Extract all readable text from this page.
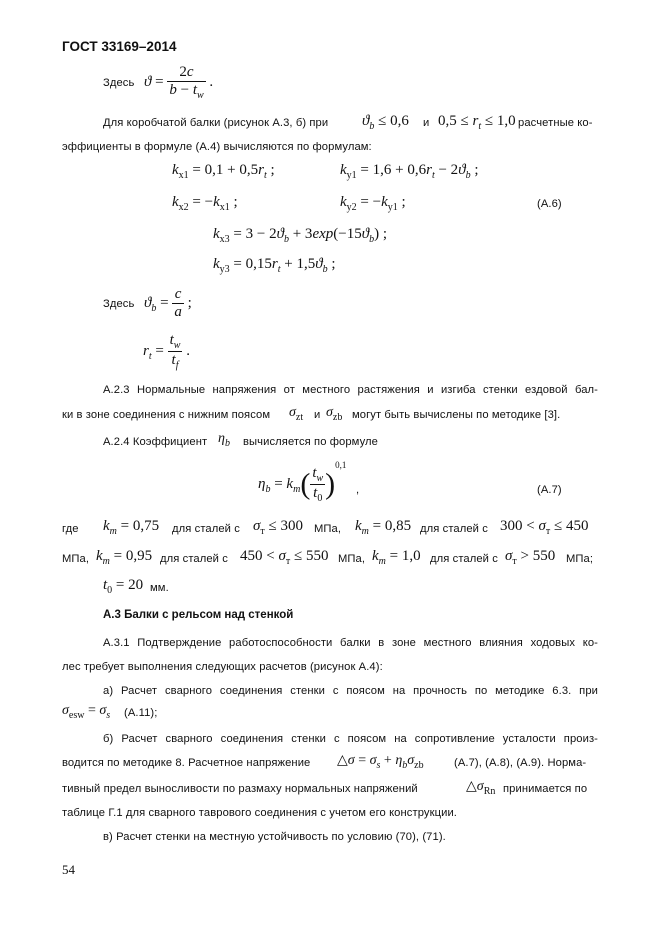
ГОСТ 33169–2014
Здесь $ϑ = \frac{2c}{b - t_w}$ .
Для коробчатой балки (рисунок А.3, б) при $ϑ_b \le 0,6$ и $0,5 \le r_t \le 1,0$ расчетные ко-
эффициенты в формуле (А.4) вычисляются по формулам:
$k_{x1} = 0,1 + 0,5r_t$ ;	$k_{y1} = 1,6 + 0,6r_t - 2ϑ_b$ ;
$k_{x2} = -k_{x1}$ ;	$k_{y2} = -k_{y1}$ ;	(А.6)
$k_{x3} = 3 - 2ϑ_b + 3\exp(-15ϑ_b)$ ;
$k_{y3} = 0,15r_t + 1,5ϑ_b$ ;
Здесь $ϑ_b = \frac{c}{a}$ ;
$r_t = \frac{t_w}{t_f}$ .
А.2.3 Нормальные напряжения от местного растяжения и изгиба стенки ездовой бал-
ки в зоне соединения с нижним поясом $\sigma_{zt}$ и $\sigma_{zb}$ могут быть вычислены по методике [3].
А.2.4 Коэффициент $\eta_b$ вычисляется по формуле
$\eta_b = k_m( \frac{t_w}{t_0} )^{0,1}$
,	(А.7)
где $k_m = 0,75$ для сталей с $\sigma_т \le 300$ МПа, $k_m = 0,85$ для сталей с $300 < \sigma_т \le 450$
МПа, $k_m = 0,95$ для сталей с $450 < \sigma_т \le 550$ МПа, $k_m = 1,0$ для сталей с $\sigma_т > 550$ МПа;
$t_0 = 20$ мм.
А.3 Балки с рельсом над стенкой
А.3.1 Подтверждение работоспособности балки в зоне местного влияния ходовых ко-
лес требует выполнения следующих расчетов (рисунок А.4):
а) Расчет сварного соединения стенки с поясом на прочность по методике 6.3. при
$\sigma_{esw} = \sigma_s$ (А.11);
б) Расчет сварного соединения стенки с поясом на сопротивление усталости произ-
водится по методике 8. Расчетное напряжение △σ = $\sigma_s + \eta_b\sigma_{zb}$	(А.7), (А.8), (А.9). Норма-
тивный предел выносливости по размаху нормальных напряжений	$\triangle\sigma_{Rn}$ принимается по
таблице Г.1 для сварного таврового соединения с учетом его конструкции.
в) Расчет стенки на местную устойчивость по условию (70), (71).
54
